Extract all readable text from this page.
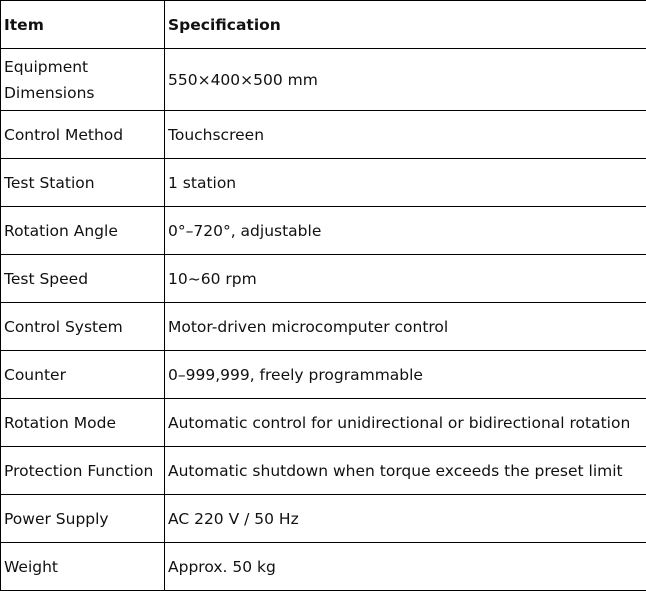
Item	Specification
Equipment Dimensions	550×400×500 mm
Control Method	Touchscreen
Test Station	1 station
Rotation Angle	0°–720°, adjustable
Test Speed	10~60 rpm
Control System	Motor-driven microcomputer control
Counter	0–999,999, freely programmable
Rotation Mode	Automatic control for unidirectional or bidirectional rotation
Protection Function	Automatic shutdown when torque exceeds the preset limit
Power Supply	AC 220 V / 50 Hz
Weight	Approx. 50 kg
